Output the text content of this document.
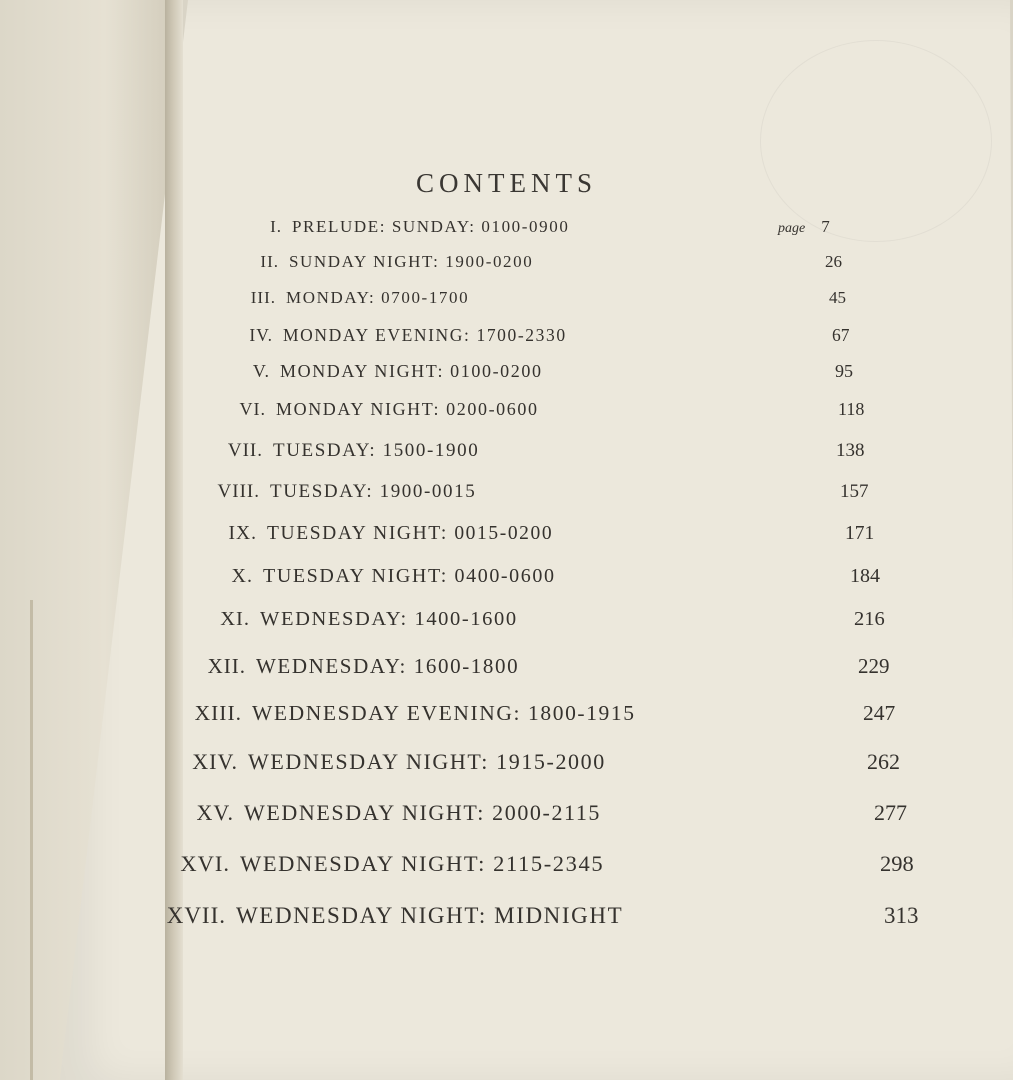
CONTENTS
I. PRELUDE: SUNDAY: 0100-0900	page 7
II. SUNDAY NIGHT: 1900-0200	26
III. MONDAY: 0700-1700	45
IV. MONDAY EVENING: 1700-2330	67
V. MONDAY NIGHT: 0100-0200	95
VI. MONDAY NIGHT: 0200-0600	118
VII. TUESDAY: 1500-1900	138
VIII. TUESDAY: 1900-0015	157
IX. TUESDAY NIGHT: 0015-0200	171
X. TUESDAY NIGHT: 0400-0600	184
XI. WEDNESDAY: 1400-1600	216
XII. WEDNESDAY: 1600-1800	229
XIII. WEDNESDAY EVENING: 1800-1915	247
XIV. WEDNESDAY NIGHT: 1915-2000	262
XV. WEDNESDAY NIGHT: 2000-2115	277
XVI. WEDNESDAY NIGHT: 2115-2345	298
XVII. WEDNESDAY NIGHT: MIDNIGHT	313
